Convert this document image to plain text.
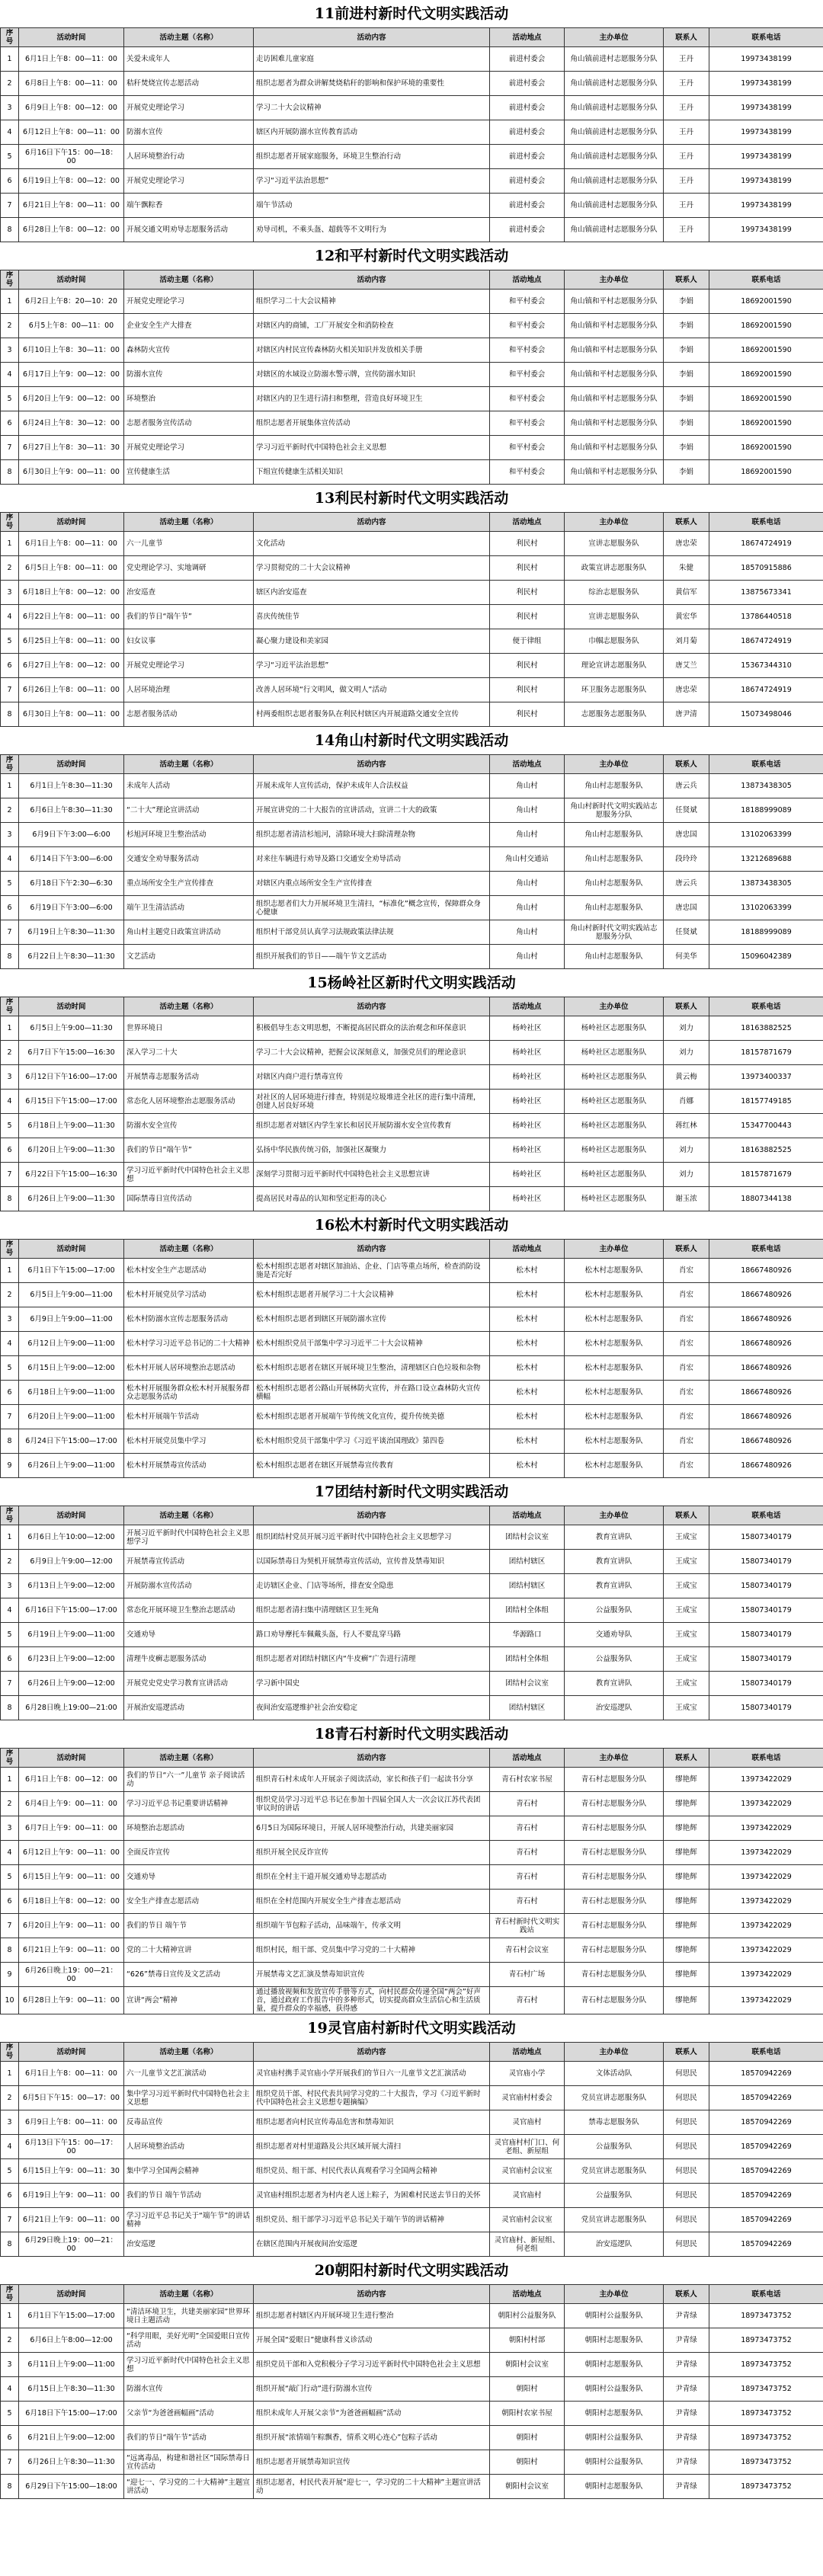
11前进村新时代文明实践活动
序号	活动时间	活动主题（名称）	活动内容	活动地点	主办单位	联系人	联系电话
1	6月1日上午8：00—11：00	关爱未成年人	走访困难儿童家庭	前进村委会	角山镇前进村志愿服务分队	王丹	19973438199
2	6月8日上午8：00—11：00	秸秆焚烧宣传志愿活动	组织志愿者为群众讲解焚烧秸秆的影响和保护环境的重要性	前进村委会	角山镇前进村志愿服务分队	王丹	19973438199
3	6月9日上午8：00—12：00	开展党史理论学习	学习二十大会议精神	前进村委会	角山镇前进村志愿服务分队	王丹	19973438199
4	6月12日上午8：00—11：00	防溺水宣传	辖区内开展防溺水宣传教育活动	前进村委会	角山镇前进村志愿服务分队	王丹	19973438199
5	6月16日下午15：00—18：00	人居环境整治行动	组织志愿者开展家庭服务，环境卫生整治行动	前进村委会	角山镇前进村志愿服务分队	王丹	19973438199
6	6月19日上午8：00—12：00	开展党史理论学习	学习“习近平法治思想”	前进村委会	角山镇前进村志愿服务分队	王丹	19973438199
7	6月21日上午8：00—11：00	端午飘粽香	端午节活动	前进村委会	角山镇前进村志愿服务分队	王丹	19973438199
8	6月28日上午8：00—12：00	开展交通文明劝导志愿服务活动	劝导司机，不乘头盔、超载等不文明行为	前进村委会	角山镇前进村志愿服务分队	王丹	19973438199
12和平村新时代文明实践活动
序号	活动时间	活动主题（名称）	活动内容	活动地点	主办单位	联系人	联系电话
1	6月2日上午8：20—10：20	开展党史理论学习	组织学习二十大会议精神	和平村委会	角山镇和平村志愿服务分队	李娟	18692001590
2	6月5上午8：00—11：00	企业安全生产大排查	对辖区内的商铺，工厂开展安全和消防检查	和平村委会	角山镇和平村志愿服务分队	李娟	18692001590
3	6月10日上午8：30—11：00	森林防火宣传	对辖区内村民宣传森林防火相关知识并发放相关手册	和平村委会	角山镇和平村志愿服务分队	李娟	18692001590
4	6月17日上午9：00—12：00	防溺水宣传	对辖区的水域设立防溺水警示牌，宣传防溺水知识	和平村委会	角山镇和平村志愿服务分队	李娟	18692001590
5	6月20日上午9：00—12：00	环境整治	对辖区内的卫生进行清扫和整理，营造良好环境卫生	和平村委会	角山镇和平村志愿服务分队	李娟	18692001590
6	6月24日上午8：30—12：00	志愿者服务宣传活动	组织志愿者开展集体宣传活动	和平村委会	角山镇和平村志愿服务分队	李娟	18692001590
7	6月27日上午8：30—11：30	开展党史理论学习	学习习近平新时代中国特色社会主义思想	和平村委会	角山镇和平村志愿服务分队	李娟	18692001590
8	6月30日上午9：00—11：00	宣传健康生活	下组宣传健康生活相关知识	和平村委会	角山镇和平村志愿服务分队	李娟	18692001590
13利民村新时代文明实践活动
序号	活动时间	活动主题（名称）	活动内容	活动地点	主办单位	联系人	联系电话
1	6月1日上午8：00—11：00	六一儿童节	文化活动	利民村	宣讲志愿服务队	唐忠荣	18674724919
2	6月5日上午8：00—11：00	党史理论学习、实地调研	学习贯彻党的二十大会议精神	利民村	政策宣讲志愿服务队	朱健	18570915886
3	6月18日上午8：00—12：00	治安巡查	辖区内治安巡查	利民村	综治志愿服务队	黄信军	13875673341
4	6月22日上午8：00—11：00	我们的节日“端午节”	喜庆传统佳节	利民村	宣讲志愿服务队	黄宏华	13786440518
5	6月25日上午8：00—11：00	妇女议事	凝心聚力建设和美家园	便于律组	巾帼志愿服务队	刘月菊	18674724919
6	6月27日上午8：00—12：00	开展党史理论学习	学习“习近平法治思想”	利民村	理论宣讲志愿服务队	唐艾兰	15367344310
7	6月26日上午8：00—11：00	人居环境治理	改善人居环境“行文明风，做文明人”活动	利民村	环卫服务志愿服务队	唐忠荣	18674724919
8	6月30日上午8：00—11：00	志愿者服务活动	村两委组织志愿者服务队在利民村辖区内开展道路交通安全宣传	利民村	志愿服务志愿服务队	唐尹清	15073498046
14角山村新时代文明实践活动
序号	活动时间	活动主题（名称）	活动内容	活动地点	主办单位	联系人	联系电话
1	6月1日上午8:30—11:30	未成年人活动	开展未成年人宣传活动，保护未成年人合法权益	角山村	角山村志愿服务队	唐云兵	13873438305
2	6月6日上午8:30—11:30	“二十大”理论宣讲活动	开展宣讲党的二十大报告的宣讲活动，宣讲二十大的政策	角山村	角山村新时代文明实践站志愿服务分队	任贤斌	18188999089
3	6月9日下午3:00—6:00	杉旭河环境卫生整治活动	组织志愿者清洁杉旭河，清除环境大扫除清理杂物	角山村	角山村志愿服务队	唐忠国	13102063399
4	6月14日下午3:00—6:00	交通安全劝导服务活动	对来往车辆进行劝导及路口交通安全劝导活动	角山村交通站	角山村志愿服务队	段玲玲	13212689688
5	6月18日下午2:30—6:30	重点场所安全生产宣传排查	对辖区内重点场所安全生产宣传排查	角山村	角山村志愿服务队	唐云兵	13873438305
6	6月19日下午3:00—6:00	端午卫生清洁活动	组织志愿者们大力开展环境卫生清扫，“标准化”概念宣传，保障群众身心健康	角山村	角山村志愿服务队	唐忠国	13102063399
7	6月19日上午8:30—11:30	角山村主题党日政策宣讲活动	组织村干部党员认真学习法规政策法律法规	角山村	角山村新时代文明实践站志愿服务分队	任贤斌	18188999089
8	6月22日上午8:30—11:30	文艺活动	组织开展我们的节日——端午节文艺活动	角山村	角山村志愿服务队	何美华	15096042389
15杨岭社区新时代文明实践活动
序号	活动时间	活动主题（名称）	活动内容	活动地点	主办单位	联系人	联系电话
1	6月5日上午9:00—11:30	世界环境日	积极倡导生态文明思想，不断提高居民群众的法治观念和环保意识	杨岭社区	杨岭社区志愿服务队	刘力	18163882525
2	6月7日下午15:00—16:30	深入学习二十大	学习二十大会议精神，把握会议深刻意义，加强党员们的理论意识	杨岭社区	杨岭社区志愿服务队	刘力	18157871679
3	6月12日下午16:00—17:00	开展禁毒志愿服务活动	对辖区内商户进行禁毒宣传	杨岭社区	杨岭社区志愿服务队	黄云梅	13973400337
4	6月15日下午15:00—17:00	常态化人居环境整治志愿服务活动	对社区的人居环境进行排查，特别是垃圾堆进全社区的进行集中清理，创建人居良好环境	杨岭社区	杨岭社区志愿服务队	肖娜	18157749185
5	6月18日上午9:00—11:30	防溺水安全宣传	组织志愿者对辖区内学生家长和居民开展防溺水安全宣传教育	杨岭社区	杨岭社区志愿服务队	蒋红林	15347700443
6	6月20日上午9:00—11:30	我们的节日“端午节”	弘扬中华民族传统习俗，加强社区凝聚力	杨岭社区	杨岭社区志愿服务队	刘力	18163882525
7	6月22日下午15:00—16:30	学习习近平新时代中国特色社会主义思想	深刻学习贯彻习近平新时代中国特色社会主义思想宣讲	杨岭社区	杨岭社区志愿服务队	刘力	18157871679
8	6月26日上午9:00—11:30	国际禁毒日宣传活动	提高居民对毒品的认知和坚定拒毒的决心	杨岭社区	杨岭社区志愿服务队	谢玉浓	18807344138
16松木村新时代文明实践活动
序号	活动时间	活动主题（名称）	活动内容	活动地点	主办单位	联系人	联系电话
1	6月1日下午15:00—17:00	松木村安全生产志愿活动	松木村组织志愿者对辖区加油站、企业、门店等重点场所，检查消防设施是否完好	松木村	松木村志愿服务队	肖宏	18667480926
2	6月5日上午9:00—11:00	松木村开展党员学习活动	松木村组织志愿者开展学习二十大会议精神	松木村	松木村志愿服务队	肖宏	18667480926
3	6月9日上午9:00—11:00	松木村防溺水宣传志愿服务活动	松木村组织志愿者到辖区开展防溺水宣传	松木村	松木村志愿服务队	肖宏	18667480926
4	6月12日上午9:00—11:00	松木村学习习近平总书记的二十大精神	松木村组织党员干部集中学习习近平二十大会议精神	松木村	松木村志愿服务队	肖宏	18667480926
5	6月15日上午9:00—12:00	松木村开展人居环境整治志愿活动	松木村组织志愿者在辖区开展环境卫生整治，清理辖区白色垃圾和杂物	松木村	松木村志愿服务队	肖宏	18667480926
6	6月18日上午9:00—11:00	松木村开展服务群众松木村开展服务群众志愿服务活动	松木村组织志愿者公路山开展林防火宣传，并在路口设立森林防火宣传横幅	松木村	松木村志愿服务队	肖宏	18667480926
7	6月20日上午9:00—11:00	松木村开展端午节活动	松木村组织志愿者开展端午节传统文化宣传，提升传统美德	松木村	松木村志愿服务队	肖宏	18667480926
8	6月24日下午15:00—17:00	松木村开展党员集中学习	松木村组织党员干部集中学习《习近平谈治国理政》第四卷	松木村	松木村志愿服务队	肖宏	18667480926
9	6月26日上午9:00—11:00	松木村开展禁毒宣传活动	松木村组织志愿者在辖区开展禁毒宣传教育	松木村	松木村志愿服务队	肖宏	18667480926
17团结村新时代文明实践活动
序号	活动时间	活动主题（名称）	活动内容	活动地点	主办单位	联系人	联系电话
1	6月6日上午10:00—12:00	开展习近平新时代中国特色社会主义思想学习	组织团结村党员开展习近平新时代中国特色社会主义思想学习	团结村会议室	教育宣讲队	王成宝	15807340179
2	6月9日上午9:00—12:00	开展禁毒宣传活动	以国际禁毒日为契机开展禁毒宣传活动，宣传普及禁毒知识	团结村辖区	教育宣讲队	王成宝	15807340179
3	6月13日上午9:00—12:00	开展防溺水宣传活动	走访辖区企业、门店等场所，排查安全隐患	团结村辖区	教育宣讲队	王成宝	15807340179
4	6月16日下午15:00—17:00	常态化开展环境卫生整治志愿活动	组织志愿者清扫集中清理辖区卫生死角	团结村全体组	公益服务队	王成宝	15807340179
5	6月19日上午9:00—11:00	交通劝导	路口劝导摩托车佩戴头盔，行人不要乱穿马路	华源路口	交通劝导队	王成宝	15807340179
6	6月23日上午9:00—12:00	清理牛皮癣志愿服务活动	组织志愿者对团结村辖区内“牛皮癣”广告进行清理	团结村全体组	公益服务队	王成宝	15807340179
7	6月26日上午9:00—12:00	开展党史党史学习教育宣讲活动	学习新中国史	团结村会议室	教育宣讲队	王成宝	15807340179
8	6月28日晚上19:00—21:00	开展治安巡逻活动	夜间治安巡逻维护社会治安稳定	团结村辖区	治安巡逻队	王成宝	15807340179
18青石村新时代文明实践活动
序号	活动时间	活动主题（名称）	活动内容	活动地点	主办单位	联系人	联系电话
1	6月1日上午8：00—12：00	我们的节日“六一”儿童节 亲子阅读活动	组织青石村未成年人开展亲子阅读活动，家长和孩子们一起读书分享	青石村农家书屋	青石村志愿服务分队	缪艳辉	13973422029
2	6月4日上午9：00—11：00	学习习近平总书记重要讲话精神	组织党员学习习近平总书记在参加十四届全国人大一次会议江苏代表团审议时的讲话	青石村	青石村志愿服务分队	缪艳辉	13973422029
3	6月7日上午9：00—11：00	环境整治志愿活动	6月5日为国际环境日，开展人居环境整治行动，共建美丽家园	青石村	青石村志愿服务分队	缪艳辉	13973422029
4	6月12日上午9：00—11：00	全面反诈宣传	组织开展全民反诈宣传	青石村	青石村志愿服务分队	缪艳辉	13973422029
5	6月15日上午9：00—11：00	交通劝导	组织在全村主干道开展交通劝导志愿活动	青石村	青石村志愿服务分队	缪艳辉	13973422029
6	6月18日上午8：00—12：00	安全生产排查志愿活动	组织在全村范围内开展安全生产排查志愿活动	青石村	青石村志愿服务分队	缪艳辉	13973422029
7	6月20日上午9：00—11：00	我们的节日 端午节	组织端午节包粽子活动，品味端午，传承文明	青石村新时代文明实践站	青石村志愿服务分队	缪艳辉	13973422029
8	6月21日上午9：00—11：00	党的二十大精神宣讲	组织村民，组干部、党员集中学习党的二十大精神	青石村会议室	青石村志愿服务分队	缪艳辉	13973422029
9	6月26日晚上19：00—21：00	“626”禁毒日宣传及文艺活动	开展禁毒文艺汇演及禁毒知识宣传	青石村广场	青石村志愿服务分队	缪艳辉	13973422029
10	6月28日上午9：00—11：00	宣讲“两会”精神	通过播放视频和发放宣传手册等方式，向村民群众传递全国“两会”好声音，通过政府工作报告中的多种形式，切实提高群众生活信心和生活质量，提升群众的幸福感，获得感	青石村	青石村志愿服务分队	缪艳辉	13973422029
19灵官庙村新时代文明实践活动
序号	活动时间	活动主题（名称）	活动内容	活动地点	主办单位	联系人	联系电话
1	6月1日上午8：00—11：00	六一儿童节文艺汇演活动	灵官庙村携手灵官庙小学开展我们的节日六一儿童节文艺汇演活动	灵官庙小学	文体活动队	何思民	18570942269
2	6月5日下午15：00—17：00	集中学习习近平新时代中国特色社会主义思想	组织党员干部、村民代表共同学习党的二十大报告，学习《习近平新时代中国特色社会主义思想专题摘编》	灵官庙村村委会	党员宣讲志愿服务队	何思民	18570942269
3	6月9日上午8：00—11：00	反毒品宣传	组织志愿者向村民宣传毒品危害和禁毒知识	灵官庙村	禁毒志愿服务队	何思民	18570942269
4	6月13日下午15：00—17：00	人居环境整治活动	组织志愿者对村里道路及公共区域开展大清扫	灵官庙村村门口、何老组、新屋组	公益服务队	何思民	18570942269
5	6月15日上午9：00—11：30	集中学习全国两会精神	组织党员、组干部、村民代表认真观看学习全国两会精神	灵官庙村会议室	党员宣讲志愿服务队	何思民	18570942269
6	6月19日上午9：00—11：00	我们的节日 端午节活动	灵官庙村组织志愿者为村内老人送上粽子，为困难村民送去节日的关怀	灵官庙村	公益服务队	何思民	18570942269
7	6月21日上午9：00—11：00	学习习近平总书记关于“端午节”的讲话精神	组织党员、组干部学习习近平总书记关于端午节的讲话精神	灵官庙村会议室	党员宣讲志愿服务队	何思民	18570942269
8	6月29日晚上19：00—21：00	治安巡逻	在辖区范围内开展夜间治安巡逻	灵官庙村、新屋组、何老组	治安巡逻队	何思民	18570942269
20朝阳村新时代文明实践活动
序号	活动时间	活动主题（名称）	活动内容	活动地点	主办单位	联系人	联系电话
1	6月1日下午15:00—17:00	“清洁环境卫生，共建美丽家园”世界环境日主题活动	组织志愿者村辖区内开展环境卫生进行整治	朝阳村公益服务队	朝阳村公益服务队	尹青绿	18973473752
2	6月6日上午8:00—12:00	“科学用眼，美好光明”全国爱眼日宣传活动	开展全国“爱眼日”健康科普义诊活动	朝阳村村部	朝阳村志愿服务队	尹青绿	18973473752
3	6月11日上午9:00—11:00	学习习近平新时代中国特色社会主义思想	组织党员干部和入党积极分子学习习近平新时代中国特色社会主义思想	朝阳村会议室	朝阳村志愿服务队	尹青绿	18973473752
4	6月15日上午8:30—11:30	防溺水宣传	组织开展“敲门行动”进行防溺水宣传	朝阳村	朝阳村公益服务队	尹青绿	18973473752
5	6月18日下午15:00—17:00	父亲节“为爸爸画幅画”活动	组织未成年人开展父亲节“为爸爸画幅画”活动	朝阳村农家书屋	朝阳村志愿服务队	尹青绿	18973473752
6	6月21日上午9:00—12:00	我们的节日“端午节”活动	组织开展“浓情端午粽飘香，情系文明心连心”包粽子活动	朝阳村	朝阳村公益服务队	尹青绿	18973473752
7	6月26日上午8:30—11:30	“远离毒品，构建和谐社区”国际禁毒日宣传活动	组织志愿者开展禁毒知识宣传	朝阳村	朝阳村公益服务队	尹青绿	18973473752
8	6月29日下午15:00—18:00	“迎七一、学习党的二十大精神”主题宣讲活动	组织志愿者，村民代表开展“迎七一，学习党的二十大精神”主题宣讲活动	朝阳村会议室	朝阳村志愿服务队	尹青绿	18973473752
